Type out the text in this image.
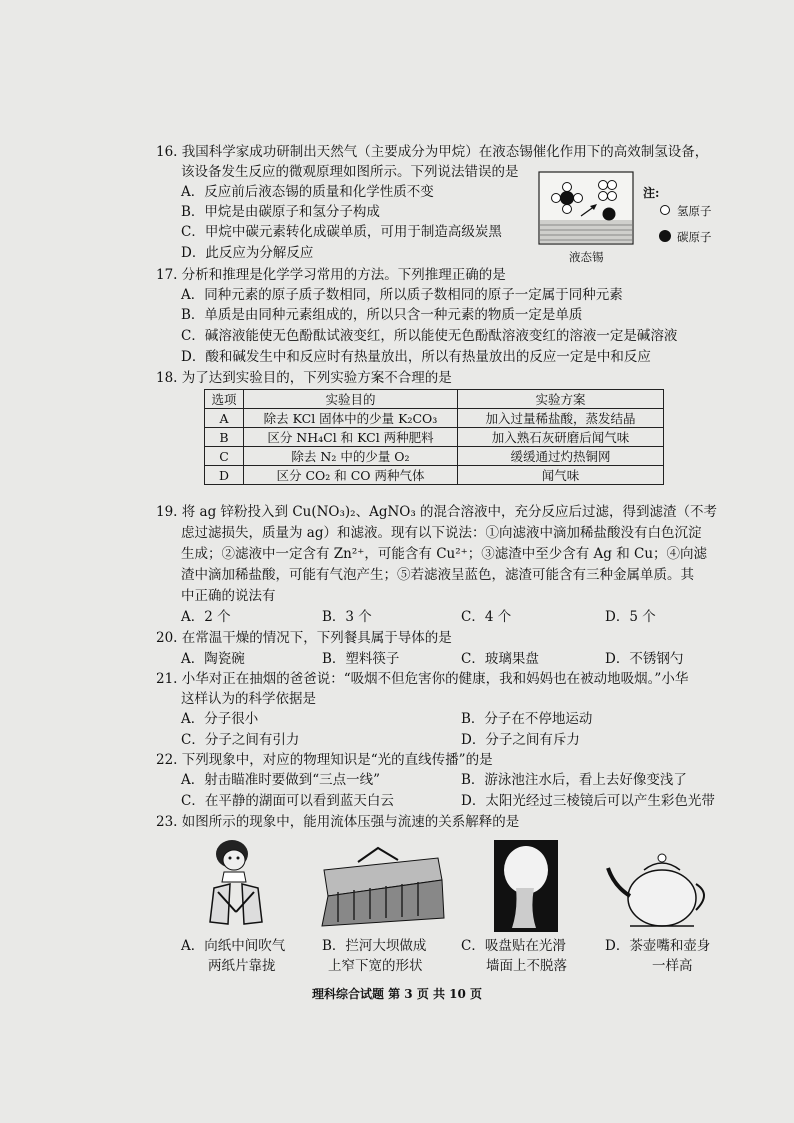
16. 我国科学家成功研制出天然气（主要成分为甲烷）在液态锡催化作用下的高效制氢设备，
该设备发生反应的微观原理如图所示。下列说法错误的是
A．反应前后液态锡的质量和化学性质不变
B．甲烷是由碳原子和氢分子构成
C．甲烷中碳元素转化成碳单质，可用于制造高级炭黑
D．此反应为分解反应
注:
氢原子
碳原子
液态锡
17. 分析和推理是化学学习常用的方法。下列推理正确的是
A．同种元素的原子质子数相同，所以质子数相同的原子一定属于同种元素
B．单质是由同种元素组成的，所以只含一种元素的物质一定是单质
C．碱溶液能使无色酚酞试液变红，所以能使无色酚酞溶液变红的溶液一定是碱溶液
D．酸和碱发生中和反应时有热量放出，所以有热量放出的反应一定是中和反应
18. 为了达到实验目的，下列实验方案不合理的是
选项	实验目的	实验方案
A	除去 KCl 固体中的少量 K₂CO₃	加入过量稀盐酸，蒸发结晶
B	区分 NH₄Cl 和 KCl 两种肥料	加入熟石灰研磨后闻气味
C	除去 N₂ 中的少量 O₂	缓缓通过灼热铜网
D	区分 CO₂ 和 CO 两种气体	闻气味
19. 将 ag 锌粉投入到 Cu(NO₃)₂、AgNO₃ 的混合溶液中，充分反应后过滤，得到滤渣（不考
虑过滤损失，质量为 ag）和滤液。现有以下说法：①向滤液中滴加稀盐酸没有白色沉淀
生成；②滤液中一定含有 Zn²⁺，可能含有 Cu²⁺；③滤渣中至少含有 Ag 和 Cu；④向滤
渣中滴加稀盐酸，可能有气泡产生；⑤若滤液呈蓝色，滤渣可能含有三种金属单质。其
中正确的说法有
A．2 个	B．3 个	C．4 个	D．5 个
20. 在常温干燥的情况下，下列餐具属于导体的是
A．陶瓷碗	B．塑料筷子	C．玻璃果盘	D．不锈钢勺
21. 小华对正在抽烟的爸爸说：“吸烟不但危害你的健康，我和妈妈也在被动地吸烟。”小华
这样认为的科学依据是
A．分子很小	B．分子在不停地运动
C．分子之间有引力	D．分子之间有斥力
22. 下列现象中，对应的物理知识是“光的直线传播”的是
A．射击瞄准时要做到“三点一线”	B．游泳池注水后，看上去好像变浅了
C．在平静的湖面可以看到蓝天白云	D．太阳光经过三棱镜后可以产生彩色光带
23. 如图所示的现象中，能用流体压强与流速的关系解释的是
A．向纸中间吹气
两纸片靠拢
B．拦河大坝做成
上窄下宽的形状
C．吸盘贴在光滑
墙面上不脱落
D．茶壶嘴和壶身
一样高
理科综合试题 第 3 页 共 10 页
